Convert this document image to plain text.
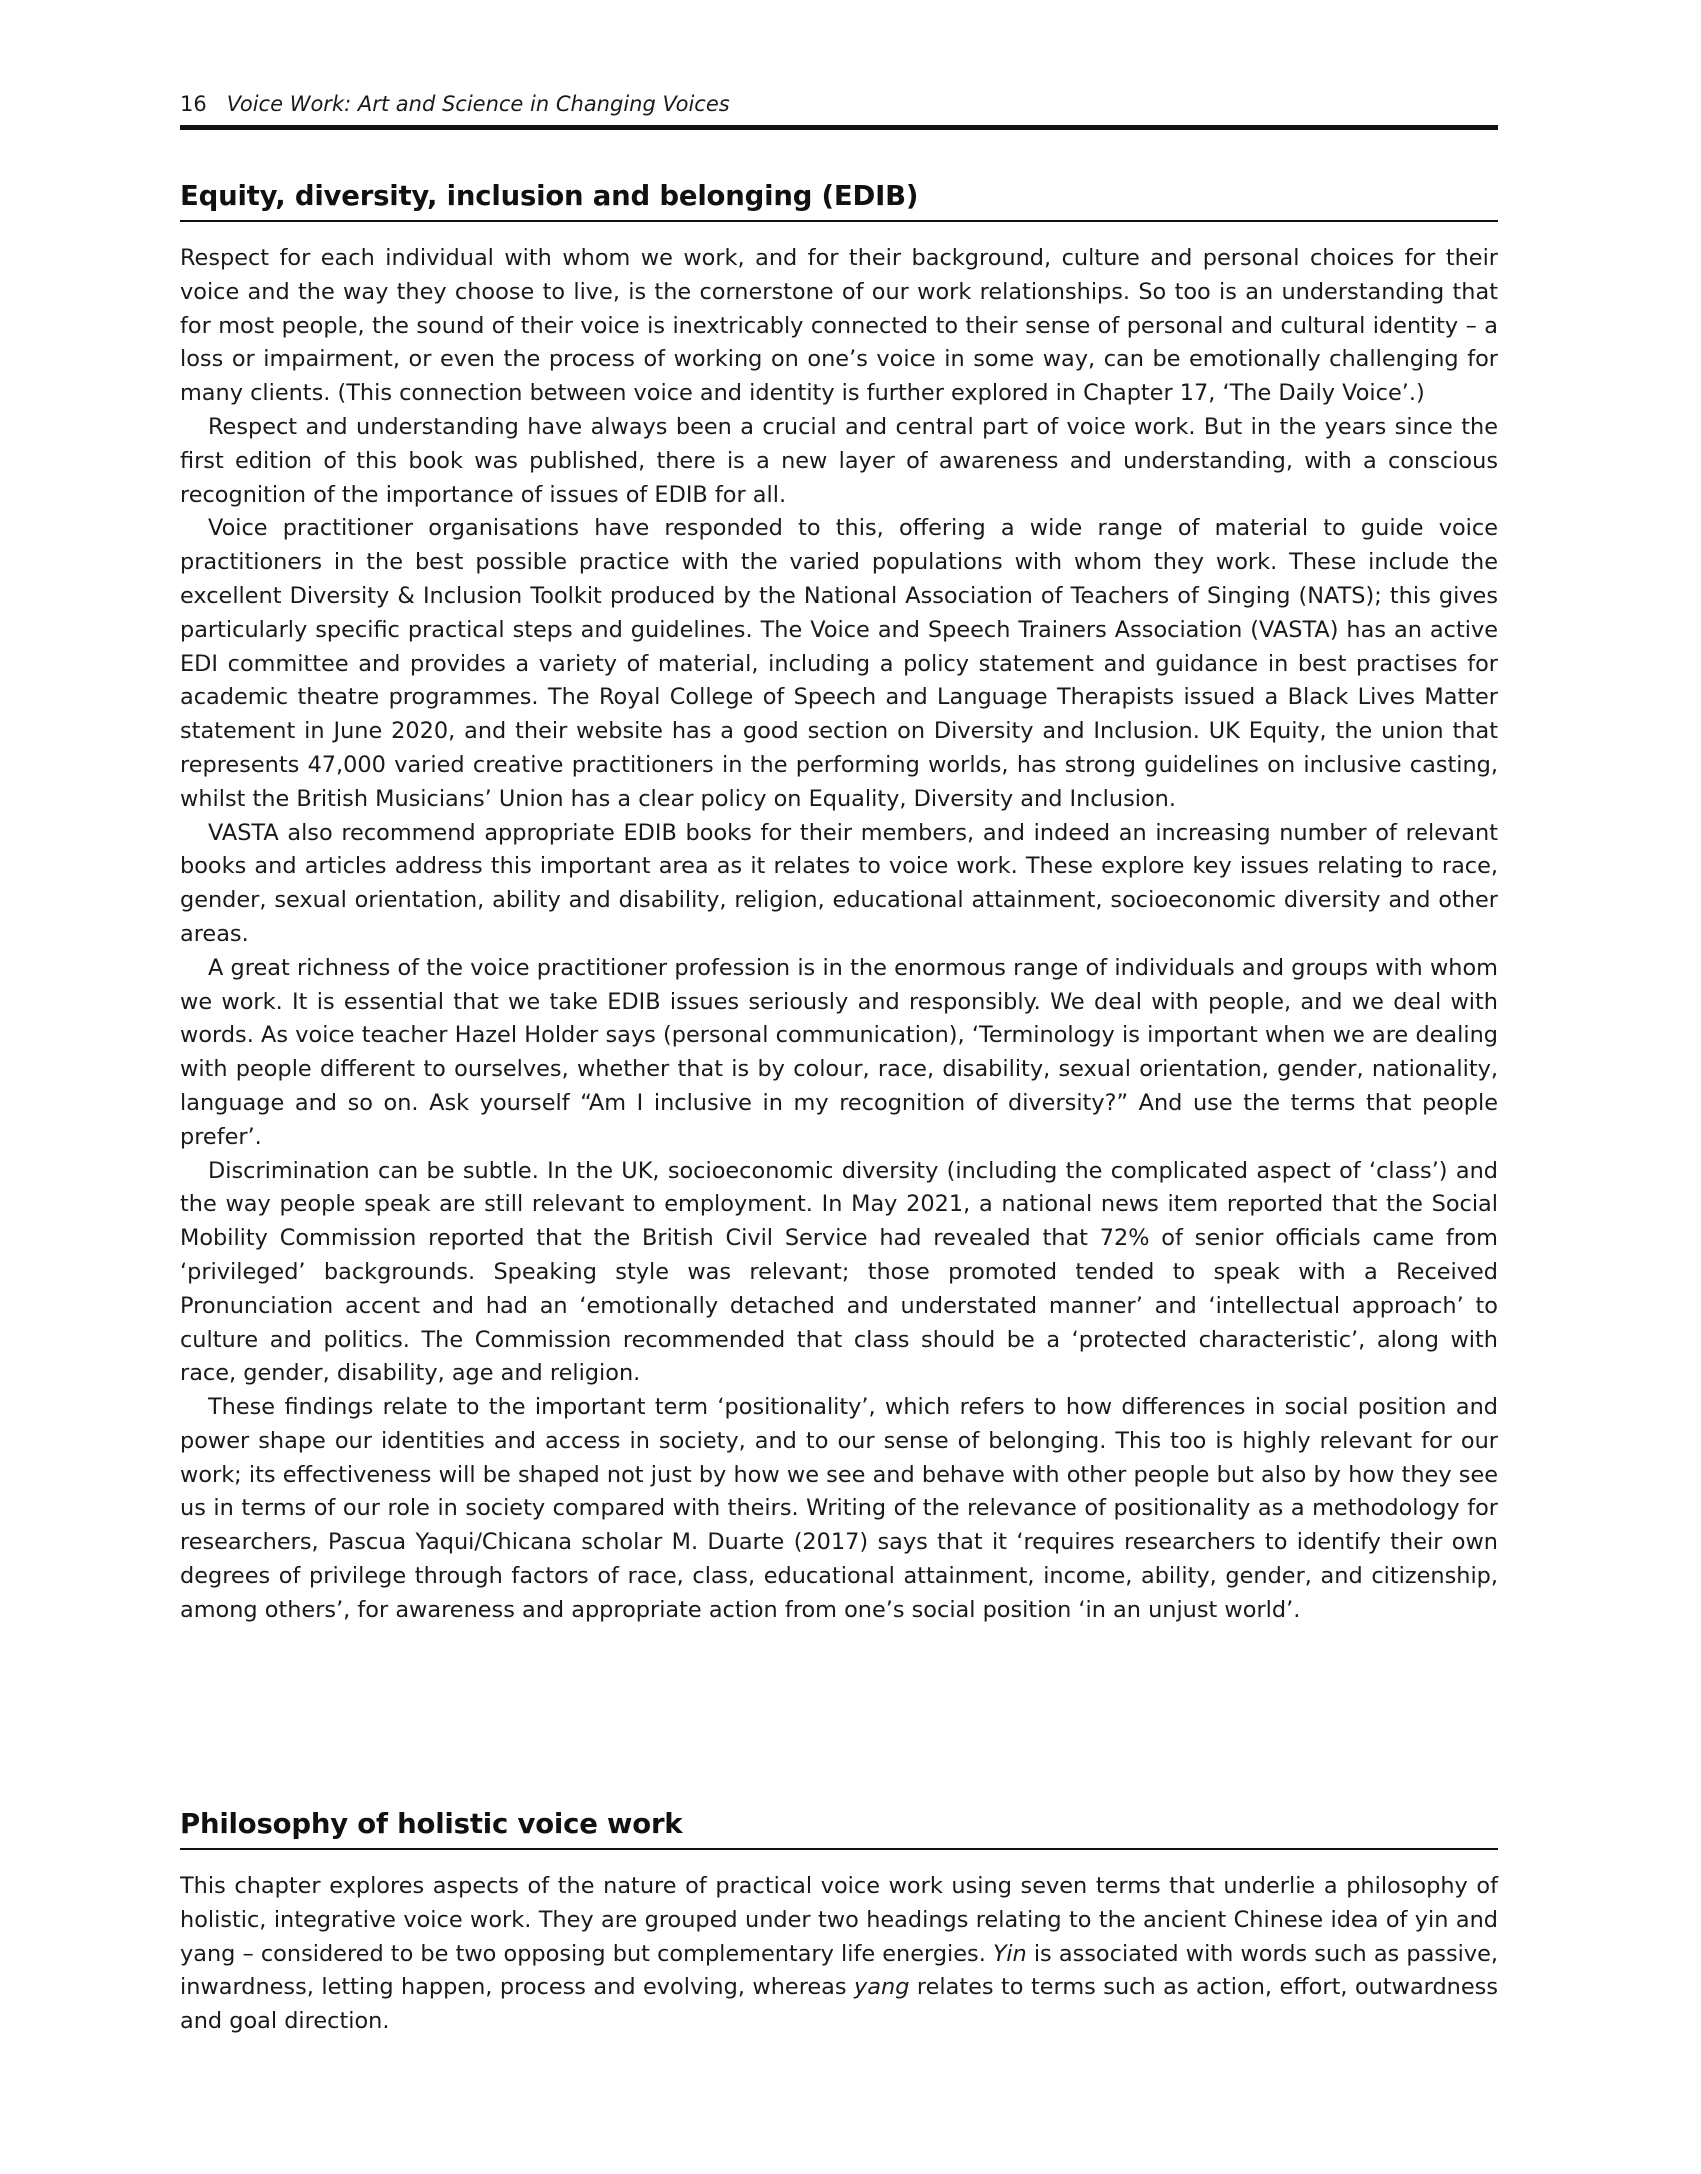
16 Voice Work: Art and Science in Changing Voices
Equity, diversity, inclusion and belonging (EDIB)

Respect for each individual with whom we work, and for their background, culture and personal choices for their voice and the way they choose to live, is the cornerstone of our work relationships. So too is an understanding that for most people, the sound of their voice is inextricably connected to their sense of personal and cultural identity – a loss or impairment, or even the process of working on one’s voice in some way, can be emotionally challenging for many clients. (This connection between voice and identity is further explored in Chapter 17, ‘The Daily Voice’.)

Respect and understanding have always been a crucial and central part of voice work. But in the years since the first edition of this book was published, there is a new layer of awareness and understanding, with a conscious recognition of the importance of issues of EDIB for all.

Voice practitioner organisations have responded to this, offering a wide range of material to guide voice practitioners in the best possible practice with the varied populations with whom they work. These include the excellent Diversity & Inclusion Toolkit produced by the National Association of Teachers of Singing (NATS); this gives particularly specific practical steps and guidelines. The Voice and Speech Trainers Association (VASTA) has an active EDI committee and provides a variety of material, including a policy statement and guidance in best practises for academic theatre programmes. The Royal College of Speech and Language Therapists issued a Black Lives Matter statement in June 2020, and their website has a good section on Diversity and Inclusion. UK Equity, the union that represents 47,000 varied creative practitioners in the performing worlds, has strong guidelines on inclusive casting, whilst the British Musicians’ Union has a clear policy on Equality, Diversity and Inclusion.

VASTA also recommend appropriate EDIB books for their members, and indeed an increasing number of relevant books and articles address this important area as it relates to voice work. These explore key issues relating to race, gender, sexual orientation, ability and disability, religion, educational attainment, socioeconomic diversity and other areas.

A great richness of the voice practitioner profession is in the enormous range of individuals and groups with whom we work. It is essential that we take EDIB issues seriously and responsibly. We deal with people, and we deal with words. As voice teacher Hazel Holder says (personal communication), ‘Terminology is important when we are dealing with people different to ourselves, whether that is by colour, race, disability, sexual orientation, gender, nationality, language and so on. Ask yourself “Am I inclusive in my recognition of diversity?” And use the terms that people prefer’.

Discrimination can be subtle. In the UK, socioeconomic diversity (including the complicated aspect of ‘class’) and the way people speak are still relevant to employment. In May 2021, a national news item reported that the Social Mobility Commission reported that the British Civil Service had revealed that 72% of senior officials came from ‘privileged’ backgrounds. Speaking style was relevant; those promoted tended to speak with a Received Pronunciation accent and had an ‘emotionally detached and understated manner’ and ‘intellectual approach’ to culture and politics. The Commission recommended that class should be a ‘protected characteristic’, along with race, gender, disability, age and religion.

These findings relate to the important term ‘positionality’, which refers to how differences in social position and power shape our identities and access in society, and to our sense of belonging. This too is highly relevant for our work; its effectiveness will be shaped not just by how we see and behave with other people but also by how they see us in terms of our role in society compared with theirs. Writing of the relevance of positionality as a methodology for researchers, Pascua Yaqui/Chicana scholar M. Duarte (2017) says that it ‘requires researchers to identify their own degrees of privilege through factors of race, class, educational attainment, income, ability, gender, and citizenship, among others’, for awareness and appropriate action from one’s social position ‘in an unjust world’.

Philosophy of holistic voice work

This chapter explores aspects of the nature of practical voice work using seven terms that underlie a philosophy of holistic, integrative voice work. They are grouped under two headings relating to the ancient Chinese idea of yin and yang – considered to be two opposing but complementary life energies. Yin is associated with words such as passive, inwardness, letting happen, process and evolving, whereas yang relates to terms such as action, effort, outwardness and goal direction.
